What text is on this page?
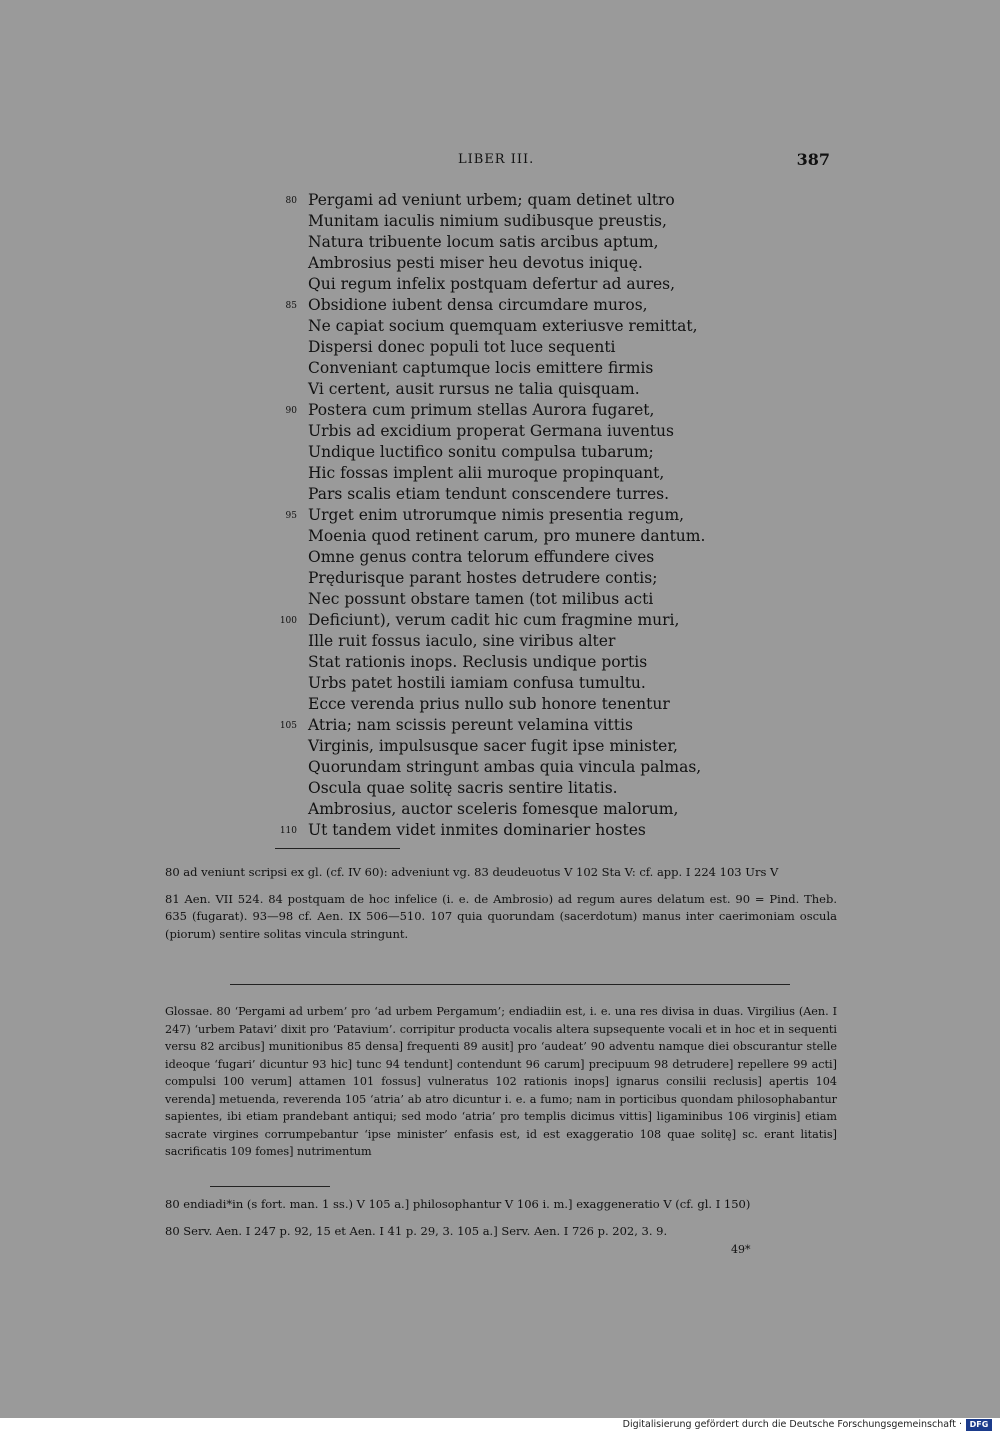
LIBER III.	387
80 Pergami ad veniunt urbem; quam detinet ultro
Munitam iaculis nimium sudibusque preustis,
Natura tribuente locum satis arcibus aptum,
Ambrosius pesti miser heu devotus iniquę.
Qui regum infelix postquam defertur ad aures,
85 Obsidione iubent densa circumdare muros,
Ne capiat socium quemquam exteriusve remittat,
Dispersi donec populi tot luce sequenti
Conveniant captumque locis emittere firmis
Vi certent, ausit rursus ne talia quisquam.
90 Postera cum primum stellas Aurora fugaret,
Urbis ad excidium properat Germana iuventus
Undique luctifico sonitu compulsa tubarum;
Hic fossas implent alii muroque propinquant,
Pars scalis etiam tendunt conscendere turres.
95 Urget enim utrorumque nimis presentia regum,
Moenia quod retinent carum, pro munere dantum.
Omne genus contra telorum effundere cives
Prędurisque parant hostes detrudere contis;
Nec possunt obstare tamen (tot milibus acti
100 Deficiunt), verum cadit hic cum fragmine muri,
Ille ruit fossus iaculo, sine viribus alter
Stat rationis inops. Reclusis undique portis
Urbs patet hostili iamiam confusa tumultu.
Ecce verenda prius nullo sub honore tenentur
105 Atria; nam scissis pereunt velamina vittis
Virginis, impulsusque sacer fugit ipse minister,
Quorundam stringunt ambas quia vincula palmas,
Oscula quae solitę sacris sentire litatis.
Ambrosius, auctor sceleris fomesque malorum,
110 Ut tandem videt inmites dominarier hostes

80 ad veniunt scripsi ex gl. (cf. IV 60): adveniunt vg. 83 deudeuotus V 102 Sta V: cf. app. I 224 103 Urs V

81 Aen. VII 524. 84 postquam de hoc infelice (i. e. de Ambrosio) ad regum aures delatum est. 90 = Pind. Theb. 635 (fugarat). 93—98 cf. Aen. IX 506—510. 107 quia quorundam (sacerdotum) manus inter caerimoniam oscula (piorum) sentire solitas vincula stringunt.

Glossae. 80 ‘Pergami ad urbem’ pro ‘ad urbem Pergamum’; endiadiin est, i. e. una res divisa in duas. Virgilius (Aen. I 247) ‘urbem Patavi’ dixit pro ‘Patavium’. corripitur producta vocalis altera supsequente vocali et in hoc et in sequenti versu 82 arcibus] munitionibus 85 densa] frequenti 89 ausit] pro ‘audeat’ 90 adventu namque diei obscurantur stelle ideoque ‘fugari’ dicuntur 93 hic] tunc 94 tendunt] contendunt 96 carum] precipuum 98 detrudere] repellere 99 acti] compulsi 100 verum] attamen 101 fossus] vulneratus 102 rationis inops] ignarus consilii reclusis] apertis 104 verenda] metuenda, reverenda 105 ‘atria’ ab atro dicuntur i. e. a fumo; nam in porticibus quondam philosophabantur sapientes, ibi etiam prandebant antiqui; sed modo ‘atria’ pro templis dicimus vittis] ligaminibus 106 virginis] etiam sacrate virgines corrumpebantur ‘ipse minister’ enfasis est, id est exaggeratio 108 quae solitę] sc. erant litatis] sacrificatis 109 fomes] nutrimentum

80 endiadi*in (s fort. man. 1 ss.) V 105 a.] philosophantur V 106 i. m.] exaggeneratio V (cf. gl. I 150)

80 Serv. Aen. I 247 p. 92, 15 et Aen. I 41 p. 29, 3. 105 a.] Serv. Aen. I 726 p. 202, 3. 9.

49*
Digitalisierung gefördert durch die Deutsche Forschungsgemeinschaft · DFG
